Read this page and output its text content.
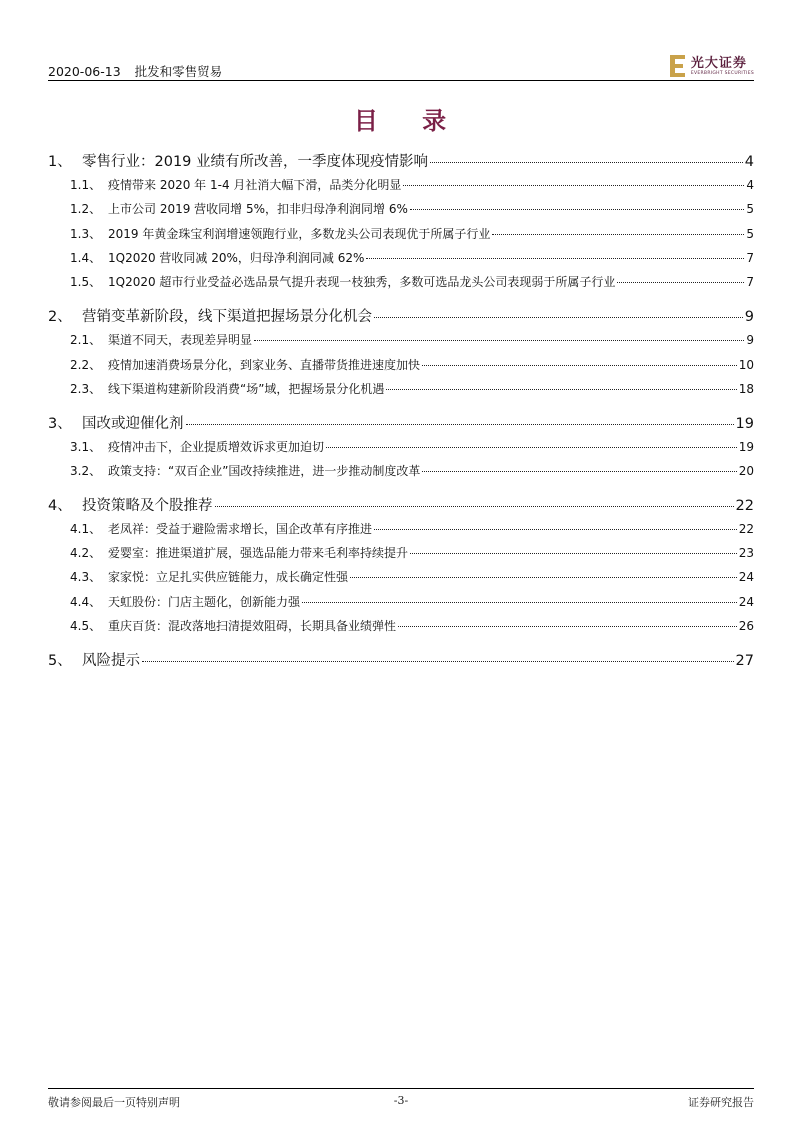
2020-06-13 批发和零售贸易
光大证券
EVERBRIGHT SECURITIES
目 录
1、 零售行业：2019 业绩有所改善，一季度体现疫情影响	4
1.1、 疫情带来 2020 年 1-4 月社消大幅下滑，品类分化明显	4
1.2、 上市公司 2019 营收同增 5%，扣非归母净利润同增 6%	5
1.3、 2019 年黄金珠宝利润增速领跑行业，多数龙头公司表现优于所属子行业	5
1.4、 1Q2020 营收同减 20%，归母净利润同减 62%	7
1.5、 1Q2020 超市行业受益必选品景气提升表现一枝独秀，多数可选品龙头公司表现弱于所属子行业	7
2、 营销变革新阶段，线下渠道把握场景分化机会	9
2.1、 渠道不同天，表现差异明显	9
2.2、 疫情加速消费场景分化，到家业务、直播带货推进速度加快	10
2.3、 线下渠道构建新阶段消费“场”域，把握场景分化机遇	18
3、 国改或迎催化剂	19
3.1、 疫情冲击下，企业提质增效诉求更加迫切	19
3.2、 政策支持：“双百企业”国改持续推进，进一步推动制度改革	20
4、 投资策略及个股推荐	22
4.1、 老凤祥：受益于避险需求增长，国企改革有序推进	22
4.2、 爱婴室：推进渠道扩展，强选品能力带来毛利率持续提升	23
4.3、 家家悦：立足扎实供应链能力，成长确定性强	24
4.4、 天虹股份：门店主题化，创新能力强	24
4.5、 重庆百货：混改落地扫清提效阻碍，长期具备业绩弹性	26
5、 风险提示	27
敬请参阅最后一页特别声明	-3-	证券研究报告
